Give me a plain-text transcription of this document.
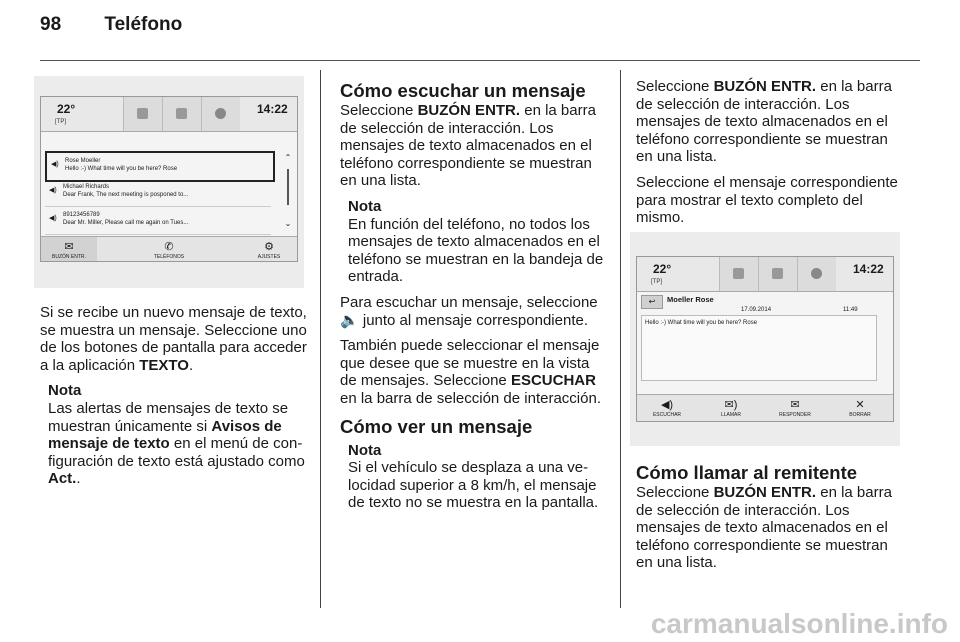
98 Teléfono
22°
[TP]
14:22
◀) Rose Moeller
Hello :-) What time will you be here? Rose
◀) Michael Richards
Dear Frank, The next meeting is posponed to...
◀) 89123456789
Dear Mr. Miller, Please call me again on Tues...
⌃
⌄
✉
BUZÓN ENTR.
✆
TELÉFONOS
⚙
AJUSTES

Si se recibe un nuevo mensaje de texto, se muestra un mensaje. Seleccione uno de los botones de pantalla para acceder a la aplicación TEXTO.

Nota
Las alertas de mensajes de texto se muestran únicamente si Avisos de mensaje de texto en el menú de configuración de texto está ajustado como Act..
Cómo escuchar un mensaje

Seleccione BUZÓN ENTR. en la barra de selección de interacción. Los mensajes de texto almacenados en el teléfono correspondiente se muestran en una lista.

Nota
En función del teléfono, no todos los mensajes de texto almacenados en el teléfono se muestran en la bandeja de entrada.

Para escuchar un mensaje, seleccione 🔈 junto al mensaje correspondiente.

También puede seleccionar el mensaje que desee que se muestre en la vista de mensajes. Seleccione ESCUCHAR en la barra de selección de interacción.

Cómo ver un mensaje
Nota
Si el vehículo se desplaza a una velocidad superior a 8 km/h, el mensaje de texto no se muestra en la pantalla.

Seleccione BUZÓN ENTR. en la barra de selección de interacción. Los mensajes de texto almacenados en el teléfono correspondiente se muestran en una lista.

Seleccione el mensaje correspondiente para mostrar el texto completo del mismo.

22°
[TP]
14:22
↩	Moeller Rose
17.09.2014	11:49
Hello :-) What time will you be here? Rose
◀)
ESCUCHAR
✉)
LLAMAR
✉
RESPONDER
✕
BORRAR
Cómo llamar al remitente

Seleccione BUZÓN ENTR. en la barra de selección de interacción. Los mensajes de texto almacenados en el teléfono correspondiente se muestran en una lista.

carmanualsonline.info
